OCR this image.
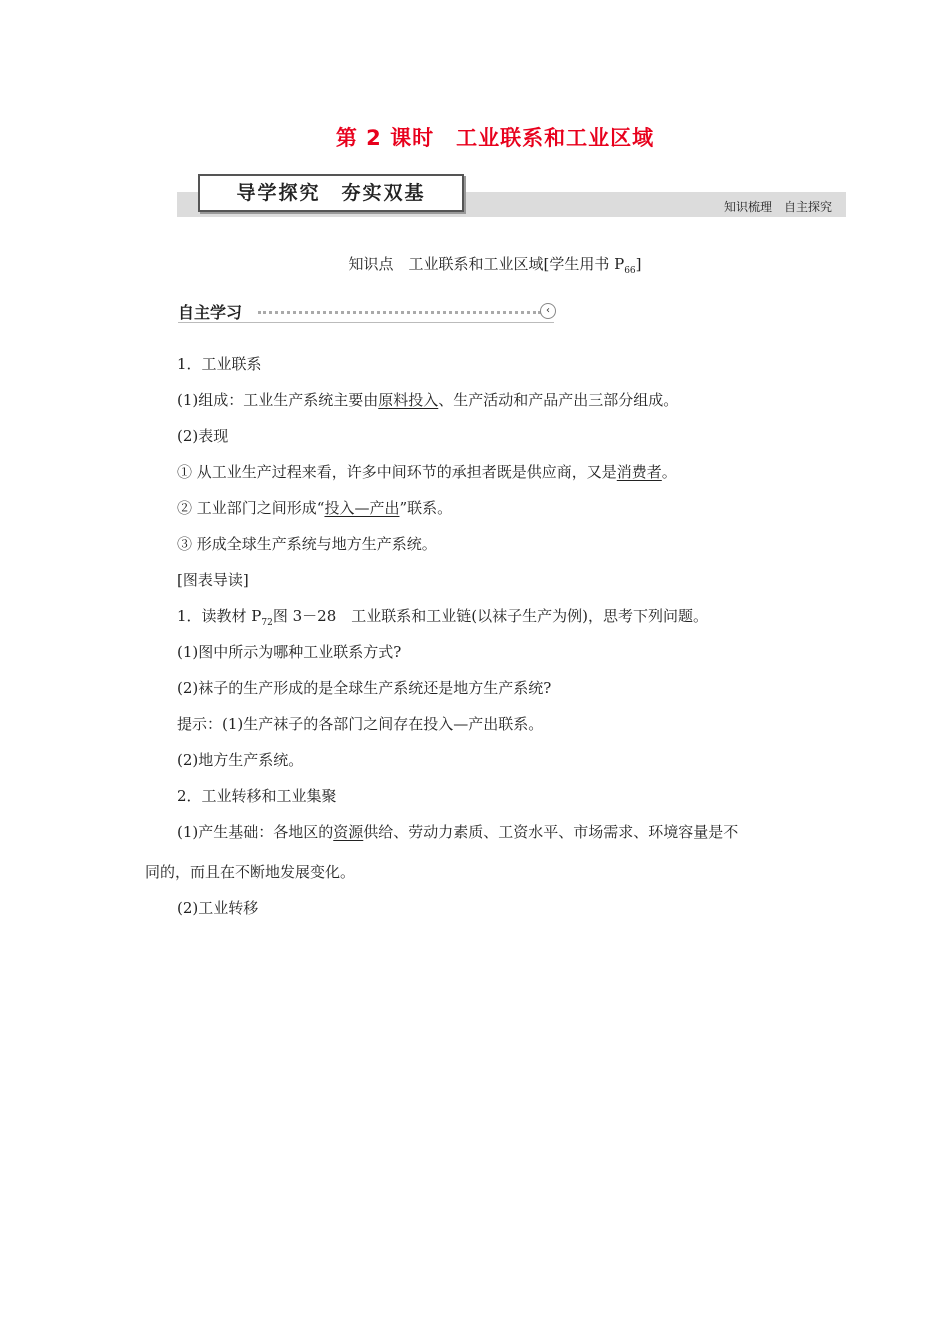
第 2 课时　工业联系和工业区域
导学探究　夯实双基
知识梳理　自主探究
知识点　工业联系和工业区域[学生用书 $P_{66}$]
自主学习	‹
1．工业联系
(1)组成：工业生产系统主要由原料投入、生产活动和产品产出三部分组成。
(2)表现
① 从工业生产过程来看，许多中间环节的承担者既是供应商，又是消费者。
② 工业部门之间形成“投入—产出”联系。
③ 形成全球生产系统与地方生产系统。
[图表导读]
1．读教材 $P_{72}$图 3－28　工业联系和工业链(以袜子生产为例)，思考下列问题。
(1)图中所示为哪种工业联系方式?
(2)袜子的生产形成的是全球生产系统还是地方生产系统?
提示：(1)生产袜子的各部门之间存在投入—产出联系。
(2)地方生产系统。
2．工业转移和工业集聚
(1)产生基础：各地区的资源供给、劳动力素质、工资水平、市场需求、环境容量是不
同的，而且在不断地发展变化。
(2)工业转移
